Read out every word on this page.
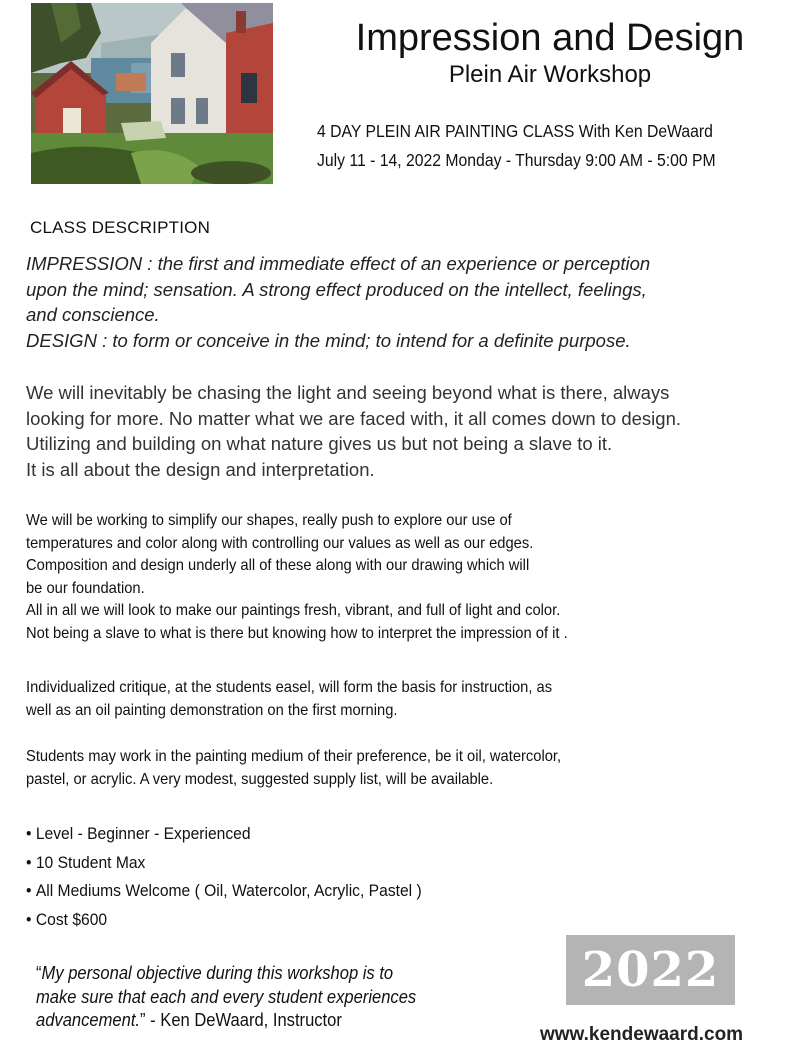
Impression and Design
Plein Air Workshop
4 DAY PLEIN AIR PAINTING CLASS With Ken DeWaard
July 11 - 14, 2022 Monday - Thursday 9:00 AM - 5:00 PM
CLASS DESCRIPTION

IMPRESSION : the first and immediate effect of an experience or perception

upon the mind; sensation. A strong effect produced on the intellect, feelings,

and conscience.

DESIGN : to form or conceive in the mind; to intend for a definite purpose.

We will inevitably be chasing the light and seeing beyond what is there, always

looking for more. No matter what we are faced with, it all comes down to design.

Utilizing and building on what nature gives us but not being a slave to it.

It is all about the design and interpretation.

We will be working to simplify our shapes, really push to explore our use of

temperatures and color along with controlling our values as well as our edges.

Composition and design underly all of these along with our drawing which will

be our foundation.

All in all we will look to make our paintings fresh, vibrant, and full of light and color.

Not being a slave to what is there but knowing how to interpret the impression of it .

Individualized critique, at the students easel, will form the basis for instruction, as

well as an oil painting demonstration on the first morning.

Students may work in the painting medium of their preference, be it oil, watercolor,

pastel, or acrylic. A very modest, suggested supply list, will be available.

• Level - Beginner - Experienced
• 10 Student Max
• All Mediums Welcome ( Oil, Watercolor, Acrylic, Pastel )
• Cost $600

“My personal objective during this workshop is to

make sure that each and every student experiences

advancement.” - Ken DeWaard, Instructor

2022
www.kendewaard.com
